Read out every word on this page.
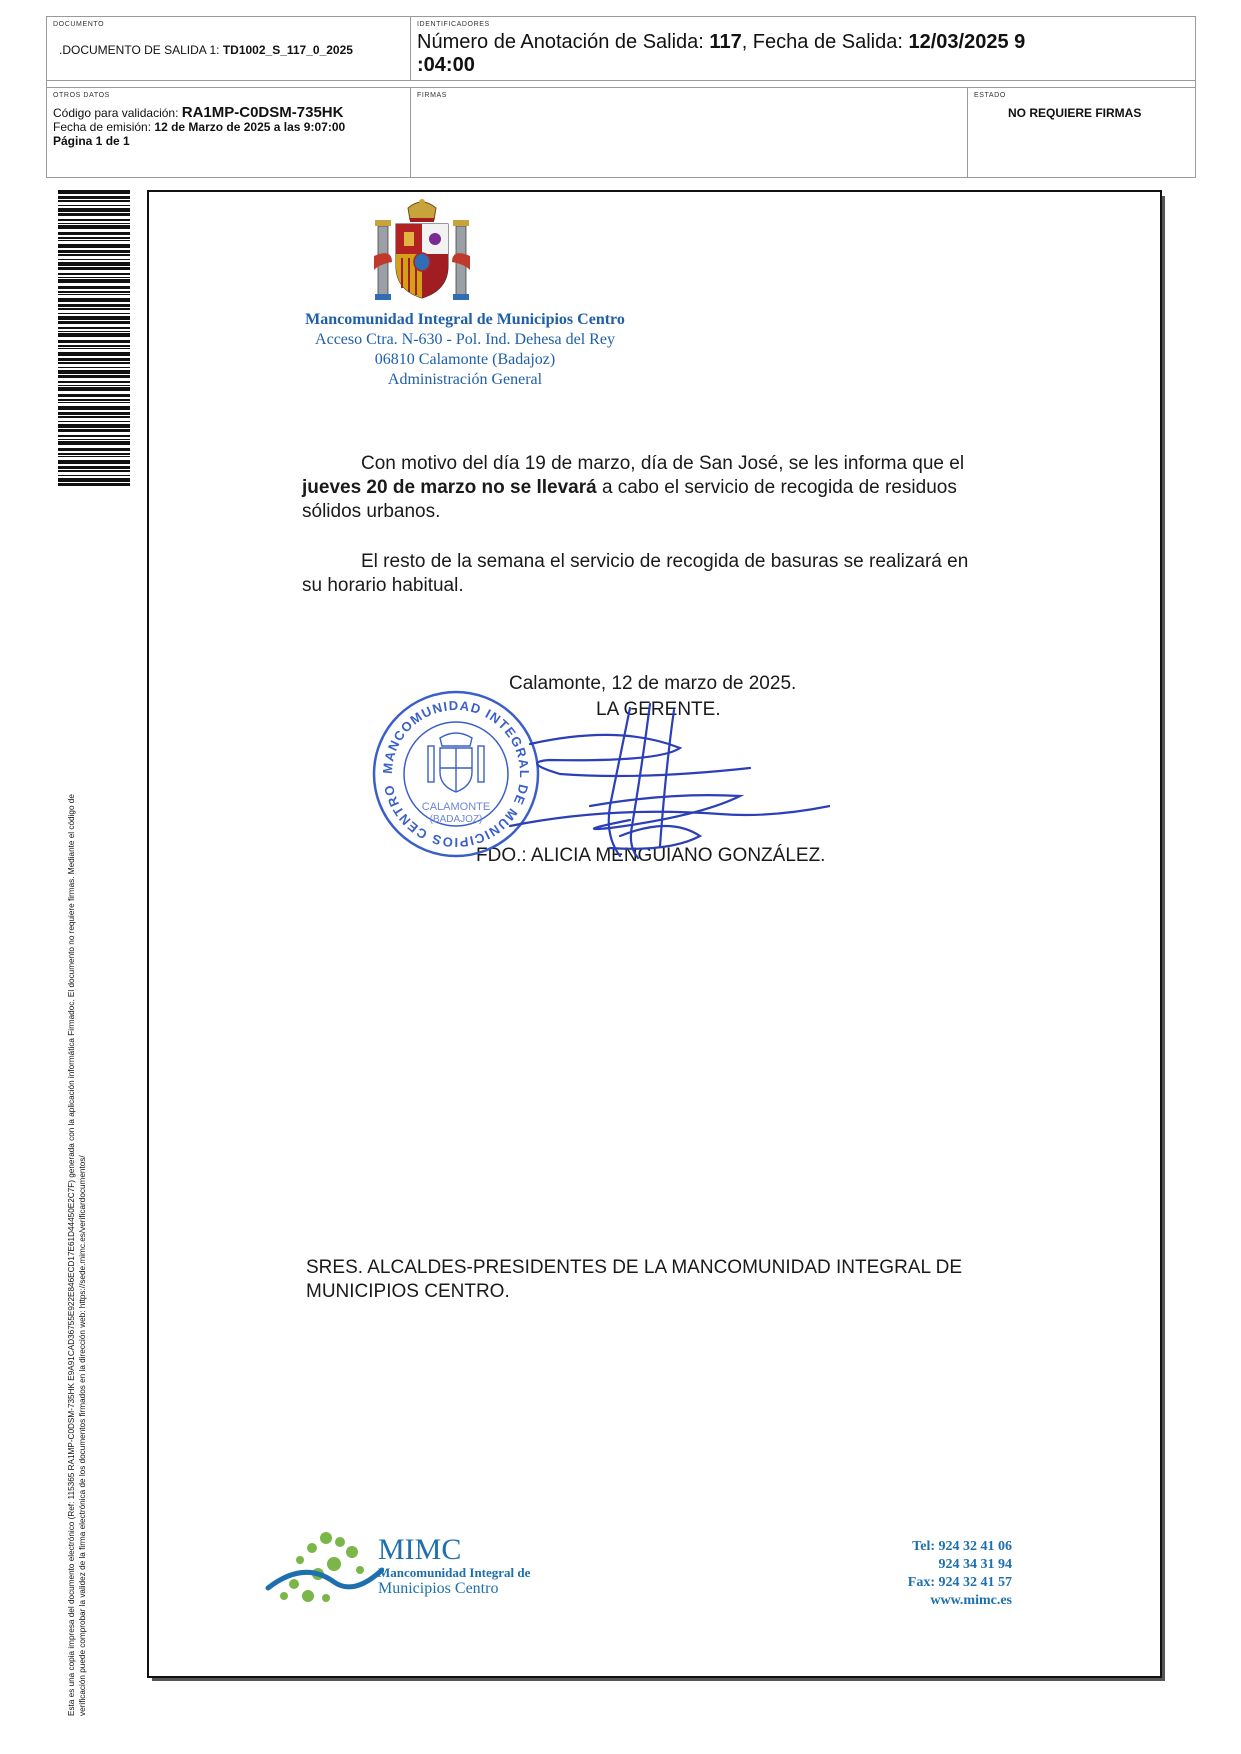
DOCUMENTO
.DOCUMENTO DE SALIDA 1: TD1002_S_117_0_2025
IDENTIFICADORES
Número de Anotación de Salida: 117, Fecha de Salida: 12/03/2025 9
:04:00
OTROS DATOS
Código para validación: RA1MP-C0DSM-735HK
Fecha de emisión: 12 de Marzo de 2025 a las 9:07:00
Página 1 de 1
FIRMAS	ESTADO
NO REQUIERE FIRMAS
Esta es una copia impresa del documento electrónico (Ref: 115365 RA1MP-C0DSM-735HK E9A91CAD36755E922E846ECD17E61D44450E2C7F) generada con la aplicación informática Firmadoc. El documento no requiere firmas. Mediante el código de verificación puede comprobar la validez de la firma electrónica de los documentos firmados en la dirección web: https://sede.mimc.es/verificardocumentos/
Mancomunidad Integral de Municipios Centro
Acceso Ctra. N-630 - Pol. Ind. Dehesa del Rey
06810 Calamonte (Badajoz)
Administración General
Con motivo del día 19 de marzo, día de San José, se les informa que el
jueves 20 de marzo no se llevará a cabo el servicio de recogida de residuos
sólidos urbanos.
El resto de la semana el servicio de recogida de basuras se realizará en
su horario habitual.
Calamonte, 12 de marzo de 2025.
LA GERENTE.
FDO.: ALICIA MENGUIANO GONZÁLEZ.
MANCOMUNIDAD INTEGRAL DE MUNICIPIOS CENTRO
CALAMONTE
(BADAJOZ)
SRES. ALCALDES-PRESIDENTES DE LA MANCOMUNIDAD INTEGRAL DE
MUNICIPIOS CENTRO.
MIMC
Mancomunidad Integral de
Municipios Centro
Tel: 924 32 41 06
924 34 31 94
Fax: 924 32 41 57
www.mimc.es
